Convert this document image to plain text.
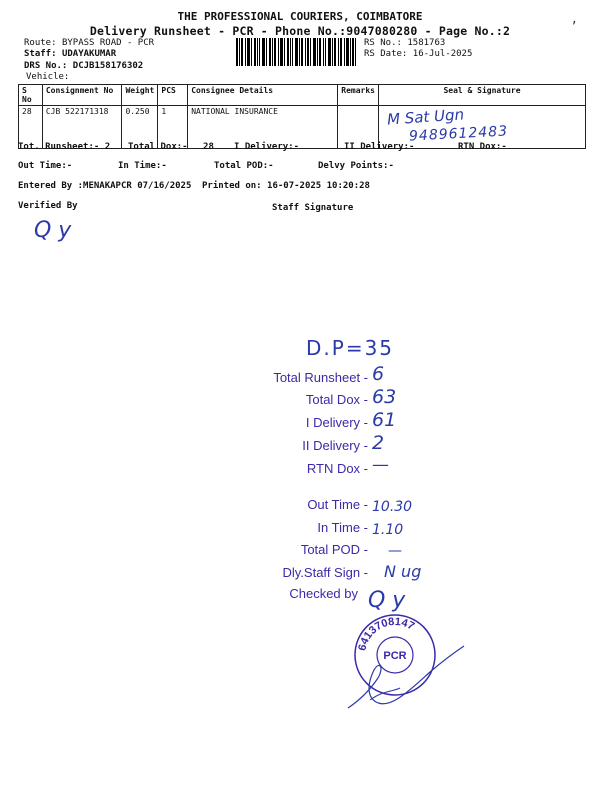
,
THE PROFESSIONAL COURIERS, COIMBATORE
Delivery Runsheet - PCR - Phone No.:9047080280 - Page No.:2
Route: BYPASS ROAD - PCR
Staff: UDAYAKUMAR
DRS No.: DCJB158176302
Vehicle:
RS No.: 1581763
RS Date: 16-Jul-2025
S No	Consignment No	Weight	PCS	Consignee Details	Remarks	Seal & Signature
28	CJB 522171318	0.250	1	NATIONAL INSURANCE		M Sat Ugn
9489612483
Tot. Runsheet:- 2 Total Dox:- 28 I Delivery:-	II Delivery:-	RTN Dox:-
Out Time:-	In Time:-	Total POD:-	Delvy Points:-
Entered By :MENAKAPCR 07/16/2025 Printed on: 16-07-2025 10:20:28
Verified By	Staff Signature
Q y
D.P=35
Total Runsheet - 6
Total Dox - 63
I Delivery - 61
II Delivery - 2
RTN Dox - —
Out Time - 10.30
In Time - 1.10
Total POD - —
Dly.Staff Sign - N ug
Checked by Q y
6413708147
PCR
